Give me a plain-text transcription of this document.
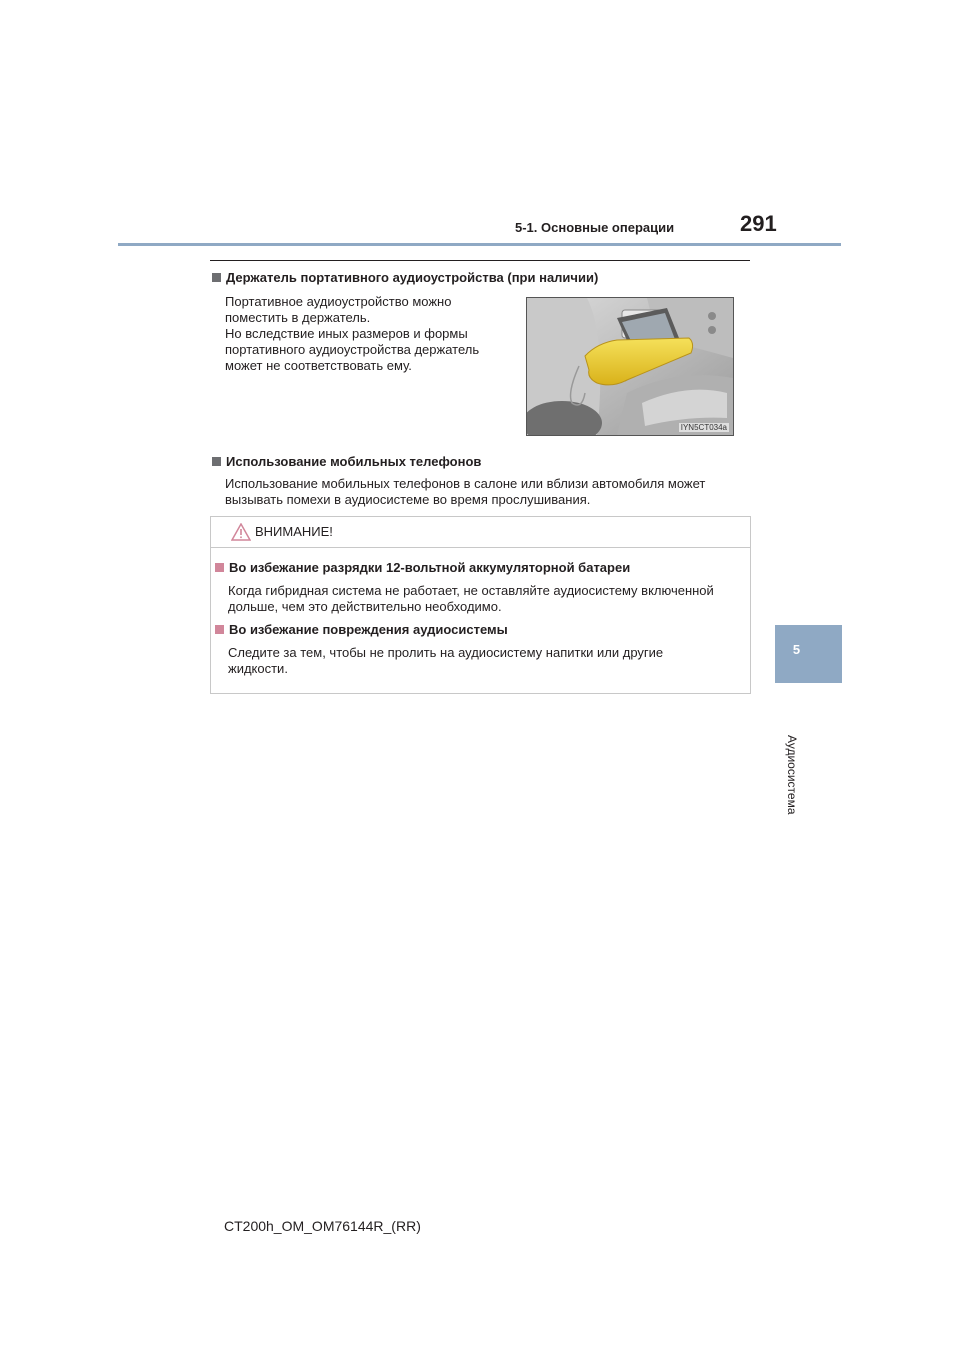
5-1. Основные операции	291
5
Аудиосистема
Держатель портативного аудиоустройства (при наличии)
Портативное аудиоустройство можно
поместить в держатель.
Но вследствие иных размеров и формы
портативного аудиоустройства держатель
может не соответствовать ему.
IYN5CT034a
Использование мобильных телефонов
Использование мобильных телефонов в салоне или вблизи автомобиля может
вызывать помехи в аудиосистеме во время прослушивания.
ВНИМАНИЕ!
Во избежание разрядки 12-вольтной аккумуляторной батареи
Когда гибридная система не работает, не оставляйте аудиосистему включенной
дольше, чем это действительно необходимо.
Во избежание повреждения аудиосистемы
Следите за тем, чтобы не пролить на аудиосистему напитки или другие
жидкости.
CT200h_OM_OM76144R_(RR)
